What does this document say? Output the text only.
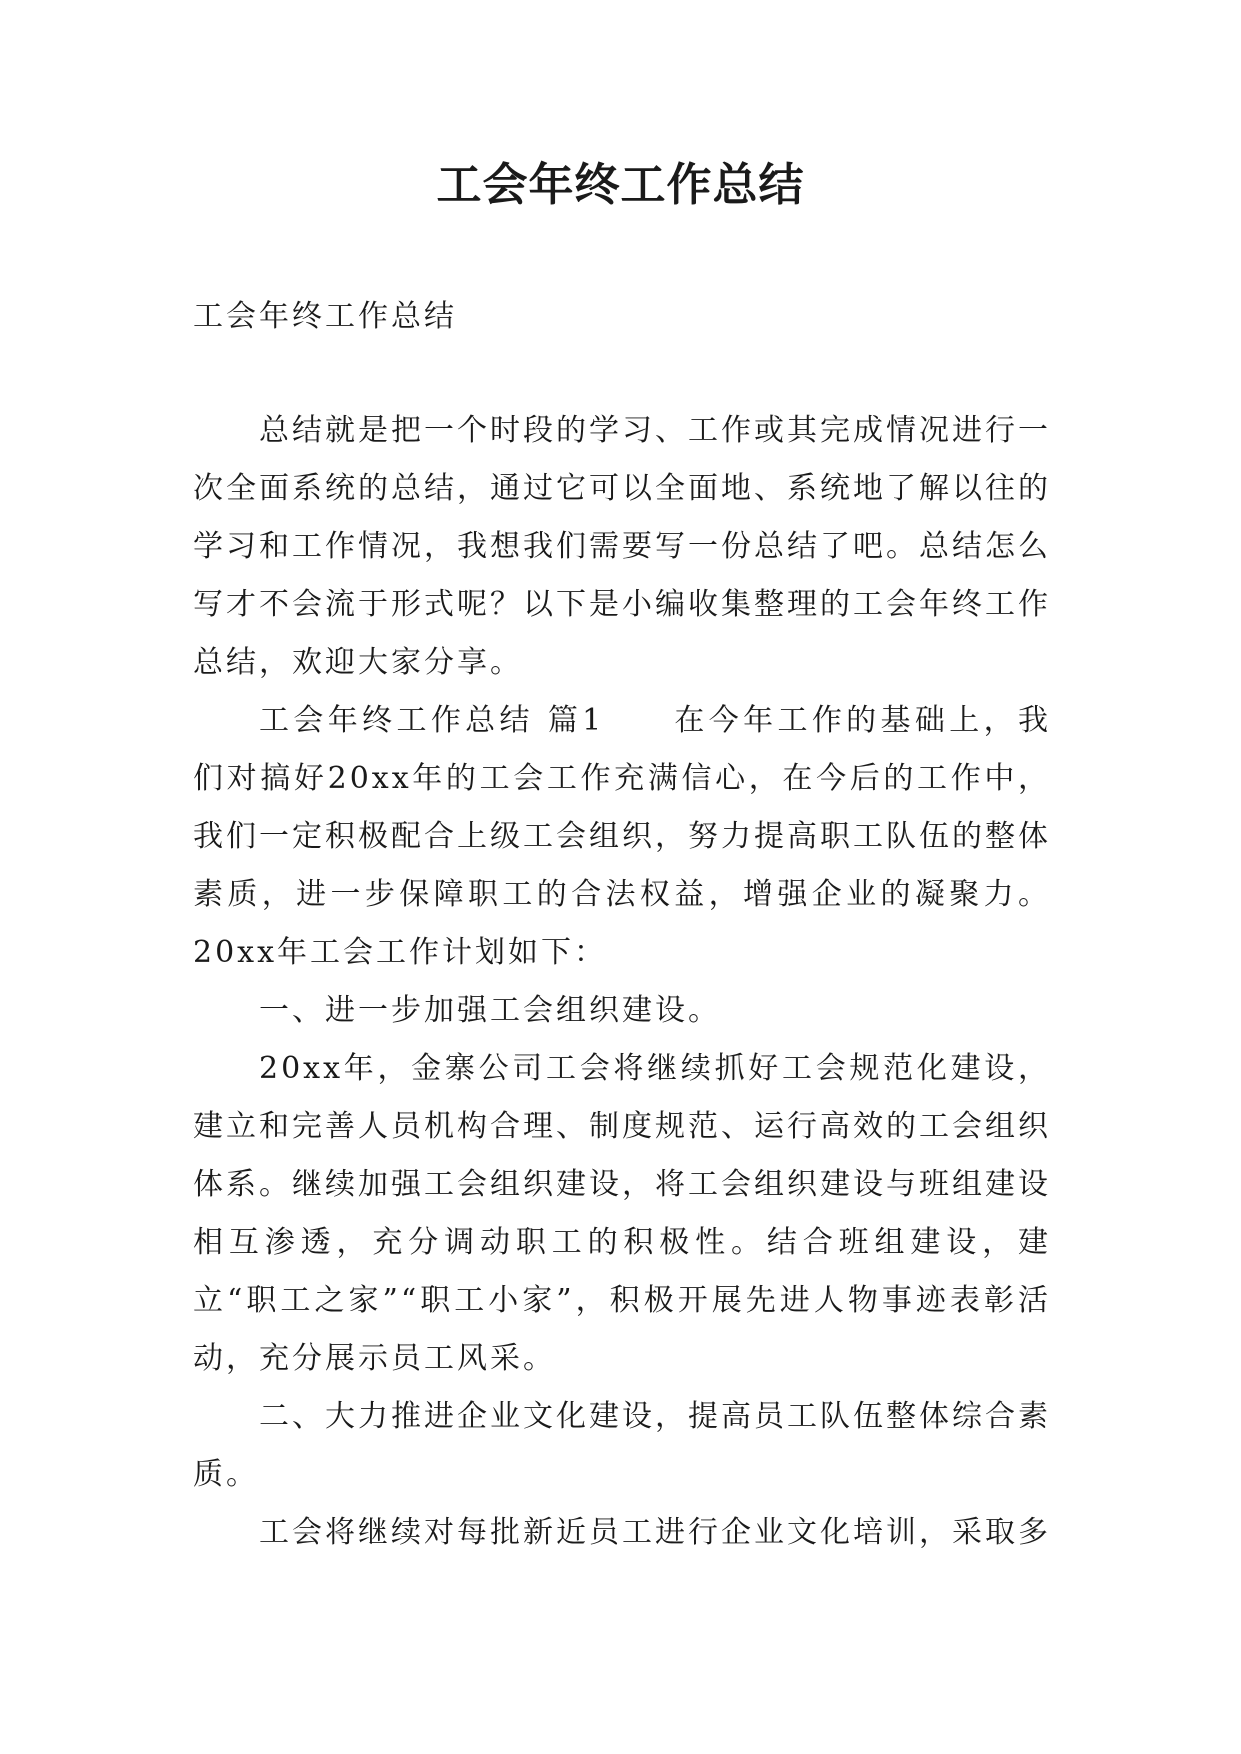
工会年终工作总结

工会年终工作总结

总结就是把一个时段的学习、工作或其完成情况进行一次全面系统的总结，通过它可以全面地、系统地了解以往的学习和工作情况，我想我们需要写一份总结了吧。总结怎么写才不会流于形式呢？以下是小编收集整理的工会年终工作总结，欢迎大家分享。

工会年终工作总结 篇1　　在今年工作的基础上，我们对搞好20xx年的工会工作充满信心，在今后的工作中，我们一定积极配合上级工会组织，努力提高职工队伍的整体素质，进一步保障职工的合法权益，增强企业的凝聚力。20xx年工会工作计划如下：

一、进一步加强工会组织建设。

20xx年，金寨公司工会将继续抓好工会规范化建设，建立和完善人员机构合理、制度规范、运行高效的工会组织体系。继续加强工会组织建设，将工会组织建设与班组建设相互渗透，充分调动职工的积极性。结合班组建设，建立“职工之家”“职工小家”，积极开展先进人物事迹表彰活动，充分展示员工风采。

二、大力推进企业文化建设，提高员工队伍整体综合素质。

工会将继续对每批新近员工进行企业文化培训，采取多
